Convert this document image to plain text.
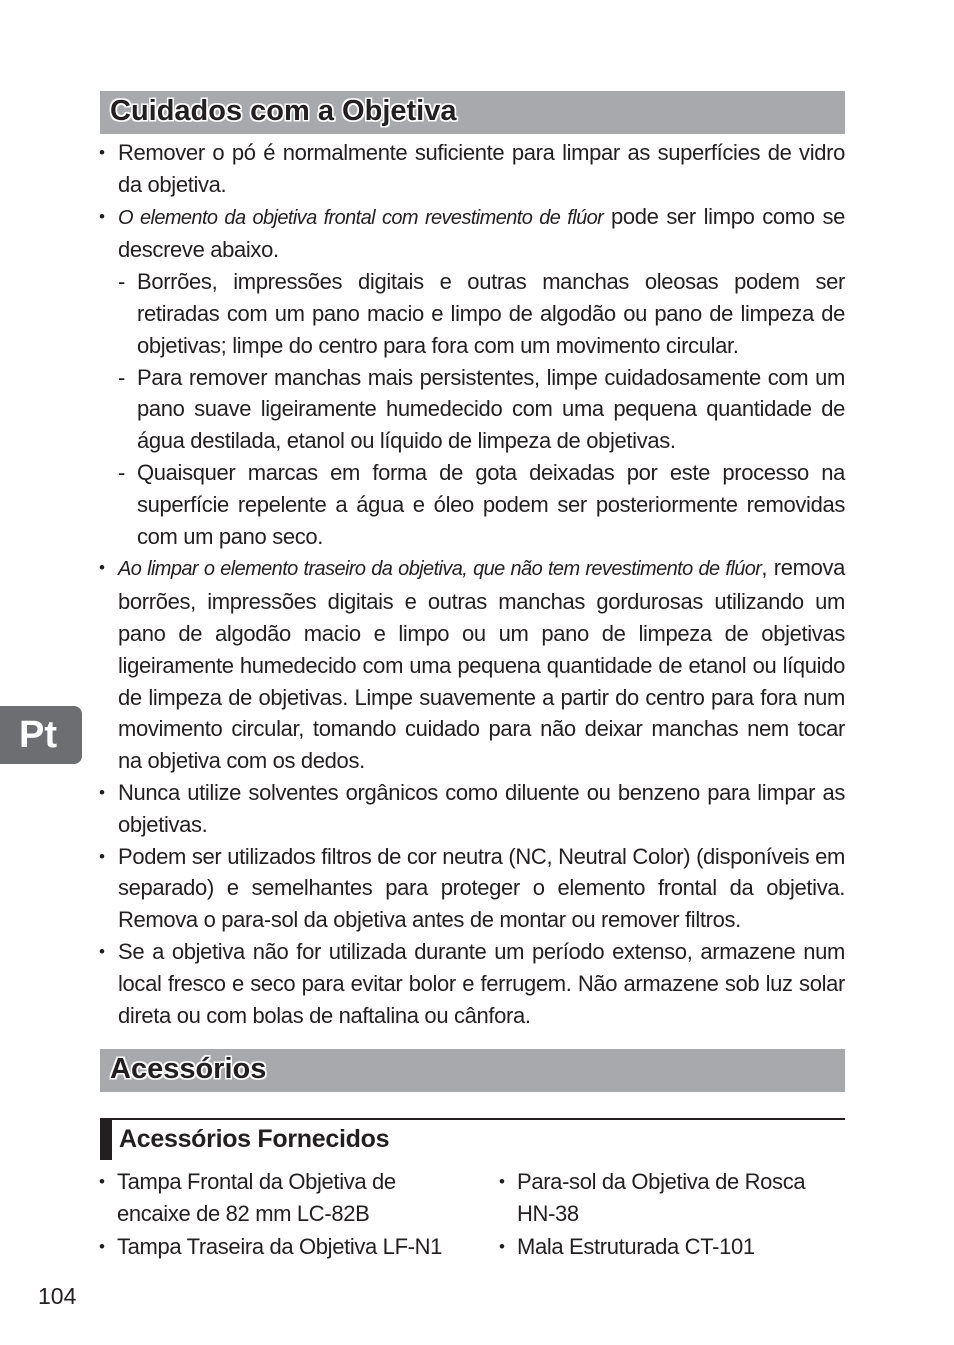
Cuidados com a Objetiva
• Remover o pó é normalmente suficiente para limpar as superfícies de vidro da objetiva.
• O elemento da objetiva frontal com revestimento de flúor pode ser limpo como se descreve abaixo.
- Borrões, impressões digitais e outras manchas oleosas podem ser retiradas com um pano macio e limpo de algodão ou pano de limpeza de objetivas; limpe do centro para fora com um movimento circular.
- Para remover manchas mais persistentes, limpe cuidadosamente com um pano suave ligeiramente humedecido com uma pequena quantidade de água destilada, etanol ou líquido de limpeza de objetivas.
- Quaisquer marcas em forma de gota deixadas por este processo na superfície repelente a água e óleo podem ser posteriormente removidas com um pano seco.
• Ao limpar o elemento traseiro da objetiva, que não tem revestimento de flúor, remova borrões, impressões digitais e outras manchas gordurosas utilizando um pano de algodão macio e limpo ou um pano de limpeza de objetivas ligeiramente humedecido com uma pequena quantidade de etanol ou líquido de limpeza de objetivas. Limpe suavemente a partir do centro para fora num movimento circular, tomando cuidado para não deixar manchas nem tocar na objetiva com os dedos.
• Nunca utilize solventes orgânicos como diluente ou benzeno para limpar as objetivas.
• Podem ser utilizados filtros de cor neutra (NC, Neutral Color) (disponíveis em separado) e semelhantes para proteger o elemento frontal da objetiva. Remova o para-sol da objetiva antes de montar ou remover filtros.
• Se a objetiva não for utilizada durante um período extenso, armazene num local fresco e seco para evitar bolor e ferrugem. Não armazene sob luz solar direta ou com bolas de naftalina ou cânfora.
Acessórios
Acessórios Fornecidos
• Tampa Frontal da Objetiva de encaixe de 82 mm LC-82B
• Tampa Traseira da Objetiva LF-N1
• Para-sol da Objetiva de Rosca HN-38
• Mala Estruturada CT-101
Pt
104
